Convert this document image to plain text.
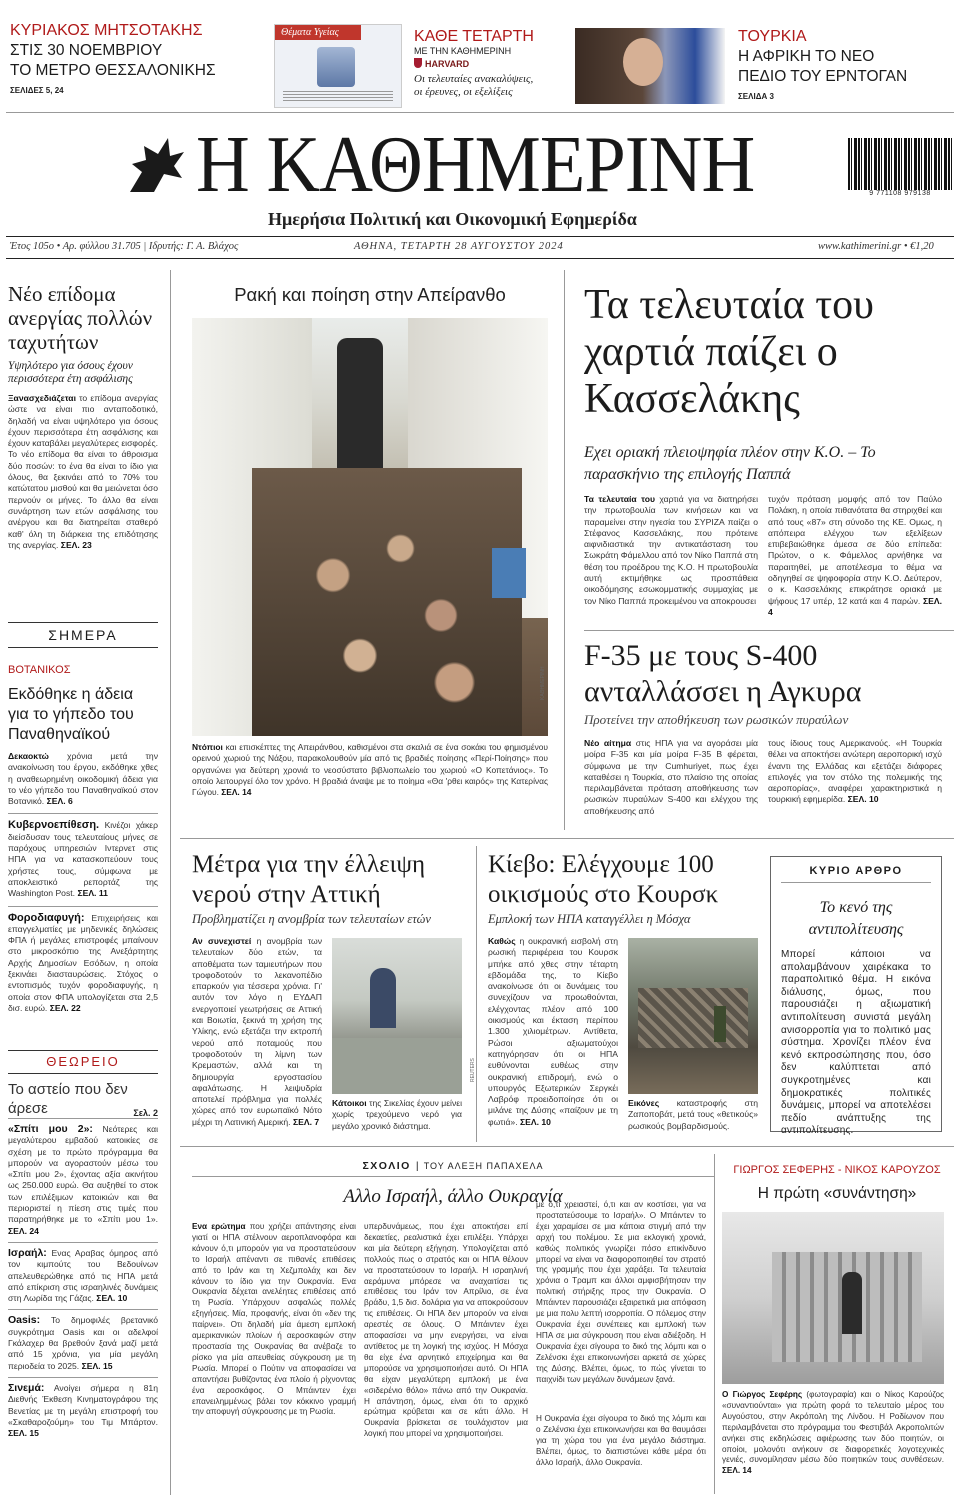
ΚΥΡΙΑΚΟΣ ΜΗΤΣΟΤΑΚΗΣ
ΣΤΙΣ 30 ΝΟΕΜΒΡΙΟΥ
ΤΟ ΜΕΤΡΟ ΘΕΣΣΑΛΟΝΙΚΗΣ
ΣΕΛΙΔΕΣ 5, 24
Θέματα Υγείας	ΚΑΘΕ ΤΕΤΑΡΤΗ
ΜΕ ΤΗΝ ΚΑΘΗΜΕΡΙΝΗ
HARVARD
Οι τελευταίες ανακαλύψεις,
οι έρευνες, οι εξελίξεις
ΤΟΥΡΚΙΑ
Η ΑΦΡΙΚΗ ΤΟ ΝΕΟ
ΠΕΔΙΟ ΤΟΥ ΕΡΝΤΟΓΑΝ
ΣΕΛΙΔΑ 3
Η ΚΑΘΗΜΕΡΙΝΗ
Ημερήσια Πολιτική και Οικονομική Εφημερίδα
9 771108 979138
Έτος 105ο • Αρ. φύλλου 31.705 | Ιδρυτής: Γ. Α. Βλάχος	ΑΘΗΝΑ, ΤΕΤΑΡΤΗ 28 ΑΥΓΟΥΣΤΟΥ 2024	www.kathimerini.gr • €1,20
Νέο επίδομα ανεργίας πολλών ταχυτήτων
Υψηλότερο για όσους έχουν περισσότερα έτη ασφάλισης
Ξανασχεδιάζεται το επίδομα ανεργίας ώστε να είναι πιο ανταποδοτικό, δηλαδή να είναι υψηλότερο για όσους έχουν περισσότερα έτη ασφάλισης και έχουν καταβάλει μεγαλύτερες εισφορές. Το νέο επίδομα θα είναι το άθροισμα δύο ποσών: το ένα θα είναι το ίδιο για όλους, θα ξεκινάει από το 70% του κατώτατου μισθού και θα μειώνεται όσο περνούν οι μήνες. Το άλλο θα είναι συνάρτηση των ετών ασφάλισης του ανέργου και θα διατηρείται σταθερό καθ' όλη τη διάρκεια της επιδότησης της ανεργίας. ΣΕΛ. 23
ΣΗΜΕΡΑ
ΒΟΤΑΝΙΚΟΣ
Εκδόθηκε η άδεια για το γήπεδο του Παναθηναϊκού
Δεκαοκτώ χρόνια μετά την ανακοίνωση του έργου, εκδόθηκε χθες η αναθεωρημένη οικοδομική άδεια για το νέο γήπεδο του Παναθηναϊκού στον Βοτανικό. ΣΕΛ. 6
Κυβερνοεπίθεση. Κινέζοι χάκερ διείσδυσαν τους τελευταίους μήνες σε παρόχους υπηρεσιών Ιντερνετ στις ΗΠΑ για να κατασκοπεύουν τους χρήστες τους, σύμφωνα με αποκλειστικό ρεπορτάζ της Washington Post. ΣΕΛ. 11
Φοροδιαφυγή: Επιχειρήσεις και επαγγελματίες με μηδενικές δηλώσεις ΦΠΑ ή μεγάλες επιστροφές μπαίνουν στο μικροσκόπιο της Ανεξάρτητης Αρχής Δημοσίων Εσόδων, η οποία ξεκινάει διασταυρώσεις. Στόχος ο εντοπισμός τυχόν φοροδιαφυγής, η οποία στον ΦΠΑ υπολογίζεται στα 2,5 δισ. ευρώ. ΣΕΛ. 22
ΘΕΩΡΕΙΟ
Το αστείο που δεν άρεσε	Σελ. 2
«Σπίτι μου 2»: Νεότερες και μεγαλύτερου εμβαδού κατοικίες σε σχέση με το πρώτο πρόγραμμα θα μπορούν να αγοραστούν μέσω του «Σπίτι μου 2», έχοντας αξία ακινήτου ως 250.000 ευρώ. Θα αυξηθεί το στοκ των επιλέξιμων κατοικιών και θα περιοριστεί η πίεση στις τιμές που παρατηρήθηκε με το «Σπίτι μου 1». ΣΕΛ. 24
Ισραήλ: Ενας Αραβας όμηρος από τον κιμπούτς του Βεδουίνων απελευθερώθηκε από τις ΗΠΑ μετά από επίκριση στις ισραηλινές δυνάμεις στη Λωρίδα της Γάζας. ΣΕΛ. 10
Oasis: Το δημοφιλές βρετανικό συγκρότημα Oasis και οι αδελφοί Γκάλαχερ θα βρεθούν ξανά μαζί μετά από 15 χρόνια, για μία μεγάλη περιοδεία το 2025. ΣΕΛ. 15
Σινεμά: Ανοίγει σήμερα η 81η Διεθνής Έκθεση Κινηματογράφου της Βενετίας με τη μεγάλη επιστροφή του «Σκαθαροζούμη» του Τιμ Μπάρτον. ΣΕΛ. 15
Ρακή και ποίηση στην Απείρανθο
ΚΑΘΗΜΕΡΙΝΗ
Ντόπιοι και επισκέπτες της Απειράνθου, καθισμένοι στα σκαλιά σε ένα σοκάκι του φημισμένου ορεινού χωριού της Νάξου, παρακολουθούν μία από τις βραδιές ποίησης «Περί-Ποίησης» που οργανώνει για δεύτερη χρονιά το νεοσύστατο βιβλιοπωλείο του χωριού «Ο Κοπετάνιος». Το οποίο λειτουργεί όλο τον χρόνο. Η βραδιά άναψε με το ποίημα «Θα 'ρθει καιρός» της Κατερίνας Γώγου. ΣΕΛ. 14
Τα τελευταία του χαρτιά παίζει ο Κασσελάκης
Εχει οριακή πλειοψηφία πλέον στην Κ.Ο. – Το παρασκήνιο της επιλογής Παππά
Τα τελευταία του χαρτιά για να διατηρήσει την πρωτοβουλία των κινήσεων και να παραμείνει στην ηγεσία του ΣΥΡΙΖΑ παίζει ο Στέφανος Κασσελάκης, που πρότεινε αιφνιδιαστικά την αντικατάσταση του Σωκράτη Φάμελλου από τον Νίκο Παππά στη θέση του προέδρου της Κ.Ο. Η πρωτοβουλία αυτή εκτιμήθηκε ως προσπάθεια οικοδόμησης εσωκομματικής συμμαχίας με τον Νίκο Παππά προκειμένου να αποκρουσει
τυχόν πρόταση μομφής από τον Παύλο Πολάκη, η οποία πιθανότατα θα στηριχθεί και από τους «87» στη σύνοδο της ΚΕ. Ομως, η απόπειρα ελέγχου των εξελίξεων επιβεβαιώθηκε άμεσα σε δύο επίπεδα: Πρώτον, ο κ. Φάμελλος αρνήθηκε να παραιτηθεί, με αποτέλεσμα το θέμα να οδηγηθεί σε ψηφοφορία στην Κ.Ο. Δεύτερον, ο κ. Κασσελάκης επικράτησε οριακά με ψήφους 17 υπέρ, 12 κατά και 4 παρών. ΣΕΛ. 4
F-35 με τους S-400 ανταλλάσσει η Αγκυρα
Προτείνει την αποθήκευση των ρωσικών πυραύλων
Νέο αίτημα στις ΗΠΑ για να αγοράσει μία μοίρα F-35 και μία μοίρα F-35 Β φέρεται, σύμφωνα με την Cumhuriyet, πως έχει καταθέσει η Τουρκία, στο πλαίσιο της οποίας περιλαμβάνεται πρόταση αποθήκευσης των ρωσικών πυραύλων S-400 και ελέγχου της αποθήκευσης από
τους ίδιους τους Αμερικανούς. «Η Τουρκία θέλει να αποκτήσει ανώτερη αεροπορική ισχύ έναντι της Ελλάδας και εξετάζει διάφορες επιλογές για τον στόλο της πολεμικής της αεροπορίας», αναφέρει χαρακτηριστικά η τουρκική εφημερίδα. ΣΕΛ. 10
Μέτρα για την έλλειψη νερού στην Αττική
Προβληματίζει η ανομβρία των τελευταίων ετών
Αν συνεχιστεί η ανομβρία των τελευταίων δύο ετών, τα αποθέματα των ταμιευτήρων που τροφοδοτούν το λεκανοπέδιο επαρκούν για τέσσερα χρόνια. Γι' αυτόν τον λόγο η ΕΥΔΑΠ ενεργοποιεί γεωτρήσεις σε Αττική και Βοιωτία, ξεκινά τη χρήση της Υλίκης, ενώ εξετάζει την εκτροπή νερού από ποταμούς που τροφοδοτούν τη λίμνη των Κρεμαστών, αλλά και τη δημιουργία εργοστασίου αφαλάτωσης. Η λειψυδρία αποτελεί πρόβλημα για πολλές χώρες από τον ευρωπαϊκό Νότο μέχρι τη Λατινική Αμερική. ΣΕΛ. 7
REUTERS
Κάτοικοι της Σικελίας έχουν μείνει χωρίς τρεχούμενο νερό για μεγάλο χρονικό διάστημα.
Κίεβο: Ελέγχουμε 100 οικισμούς στο Κουρσκ
Εμπλοκή των ΗΠΑ καταγγέλλει η Μόσχα
Καθώς η ουκρανική εισβολή στη ρωσική περιφέρεια του Κουρσκ μπήκε από χθες στην τέταρτη εβδομάδα της, το Κίεβο ανακοίνωσε ότι οι δυνάμεις του συνεχίζουν να προωθούνται, ελέγχοντας πλέον από 100 οικισμούς και έκταση περίπου 1.300 χιλιομέτρων. Αντίθετα, Ρώσοι αξιωματούχοι κατηγόρησαν ότι οι ΗΠΑ ευθύνονται ευθέως στην ουκρανική επιδρομή, ενώ ο υπουργός Εξωτερικών Σεργκέι Λαβρόφ προειδοποίησε ότι οι μιλάνε της Δύσης «παίζουν με τη φωτιά». ΣΕΛ. 10
Εικόνες καταστροφής στη Ζαποποβάτ, μετά τους «θετικούς» ρωσικούς βομβαρδισμούς.
ΚΥΡΙΟ ΑΡΘΡΟ
Το κενό της αντιπολίτευσης
Μπορεί κάποιοι να απολαμβάνουν χαιρέκακα το παραπολιτικό θέμα. Η εικόνα διάλυσης, όμως, που παρουσιάζει η αξιωματική αντιπολίτευση συνιστά μεγάλη ανισορροπία για το πολιτικό μας σύστημα. Χρονίζει πλέον ένα κενό εκπροσώπησης που, όσο δεν καλύπτεται από συγκροτημένες και δημοκρατικές πολιτικές δυνάμεις, μπορεί να αποτελέσει πεδίο ανάπτυξης της αντιπολίτευσης.
ΣΧΟΛΙΟ | ΤΟΥ ΑΛΕΞΗ ΠΑΠΑΧΕΛΑ
Αλλο Ισραήλ, άλλο Ουκρανία
Ενα ερώτημα που χρήζει απάντησης είναι γιατί οι ΗΠΑ στέλνουν αεροπλανοφόρα και κάνουν ό,τι μπορούν για να προστατεύσουν το Ισραήλ απέναντι σε πιθανές επιθέσεις από το Ιράν και τη Χεζμπολάχ και δεν κάνουν το ίδιο για την Ουκρανία. Ενα Ουκρανία δέχεται ανελέητες επιθέσεις από τη Ρωσία. Υπάρχουν ασφαλώς πολλές εξηγήσεις. Μία, προφανής, είναι ότι «δεν της παίρνει». Οτι δηλαδή μία άμεση εμπλοκή αμερικανικών πλοίων ή αεροσκαφών στην προστασία της Ουκρανίας θα ανέβαζε το ρίσκο για μία απευθείας σύγκρουση με τη Ρωσία. Μπορεί ο Πούτιν να αποφασίσει να απαντήσει βυθίζοντας ένα πλοίο ή ρίχνοντας ένα αεροσκάφος. Ο Μπάιντεν έχει επανειλημμένως βάλει τον κόκκινο γραμμή την αποφυγή σύγκρουσης με τη Ρωσία.
υπερδυνάμεως, που έχει αποκτήσει επί δεκαετίες, ρεαλιστικά έχει επιλέξει. Υπάρχει και μία δεύτερη εξήγηση. Υπολογίζεται από πολλούς πως ο στρατός και οι ΗΠΑ θέλουν να προστατεύσουν το Ισραήλ. Η ισραηλινή αεράμυνα μπόρεσε να αναχαιτίσει τις επιθέσεις του Ιράν τον Απρίλιο, σε ένα βράδυ, 1,5 δισ. δολάρια για να αποκρούσουν τις επιθέσεις. Οι ΗΠΑ δεν μπορούν να είναι αρεστές σε όλους. Ο Μπάιντεν έχει αποφασίσει να μην ενεργήσει, να είναι αντίθετος με τη λογική της ισχύος. Η Μόσχα θα είχε ένα αρνητικό επιχείρημα και θα μπορούσε να χρησιμοποιήσει αυτό. Οι ΗΠΑ θα είχαν μεγαλύτερη εμπλοκή με ένα «σιδερένιο θόλο» πάνω από την Ουκρανία. Η απάντηση, όμως, είναι ότι το αρχικό ερώτημα κρύβεται και σε κάτι άλλο. Η Ουκρανία βρίσκεται σε τουλάχιστον μια λογική που μπορεί να χρησιμοποιήσει.
με ό,τι χρειαστεί, ό,τι και αν κοστίσει, για να προστατεύσουμε το Ισραήλ». Ο Μπάιντεν το έχει χαραμίσει σε μια κάποια στιγμή από την αρχή του πολέμου. Σε μια εκλογική χρονιά, καθώς πολιτικός γνωρίζει πόσο επικίνδυνο μπορεί να είναι να διαφοροποιηθεί τον στρατό της γραμμής που έχει χαράξει. Τα τελευταία χρόνια ο Τραμπ και άλλοι αμφισβήτησαν την πολιτική στήριξης προς την Ουκρανία. Ο Μπάιντεν παρουσιάζει εξαιρετικά μια απόφαση με μια πολυ λεπτή ισορροπία. Ο πόλεμος στην Ουκρανία έχει συνέπειες και εμπλοκή των ΗΠΑ σε μια σύγκρουση που είναι αδιέξοδη. Η Ουκρανία έχει σίγουρα το δικό της λόμπι και ο Ζελένσκι έχει επικοινωνήσει αρκετά σε χώρες της Δύσης. Βλέπει, όμως, το πώς γίνεται το παιχνίδι των μεγάλων δυνάμεων ξανά.
Η Ουκρανία έχει σίγουρα το δικό της λόμπι και ο Ζελένσκι έχει επικοινωνήσει και θα θαυμάσει για τη χώρα του για ένα μεγάλο διάστημα. Βλέπει, όμως, το διαπιστώνει κάθε μέρα ότι άλλο Ισραήλ, άλλο Ουκρανία.
ΓΙΩΡΓΟΣ ΣΕΦΕΡΗΣ - ΝΙΚΟΣ ΚΑΡΟΥΖΟΣ
Η πρώτη «συνάντηση»
Ο Γιώργος Σεφέρης (φωτογραφία) και ο Νίκος Καρούζος «συναντιούνται» για πρώτη φορά το τελευταίο μέρος του Αυγούστου, στην Ακρόπολη της Λίνδου. Η Ροδίωνον που περιλαμβάνεται στο πρόγραμμα του Φεστιβάλ Ακροπολιτών ανήκει στις εκδηλώσεις αφιέρωσης των δύο ποιητών, οι οποίοι, μολονότι ανήκουν σε διαφορετικές λογοτεχνικές γενιές, συνομίλησαν μέσω δύο ποιητικών τους συνθέσεων. ΣΕΛ. 14
